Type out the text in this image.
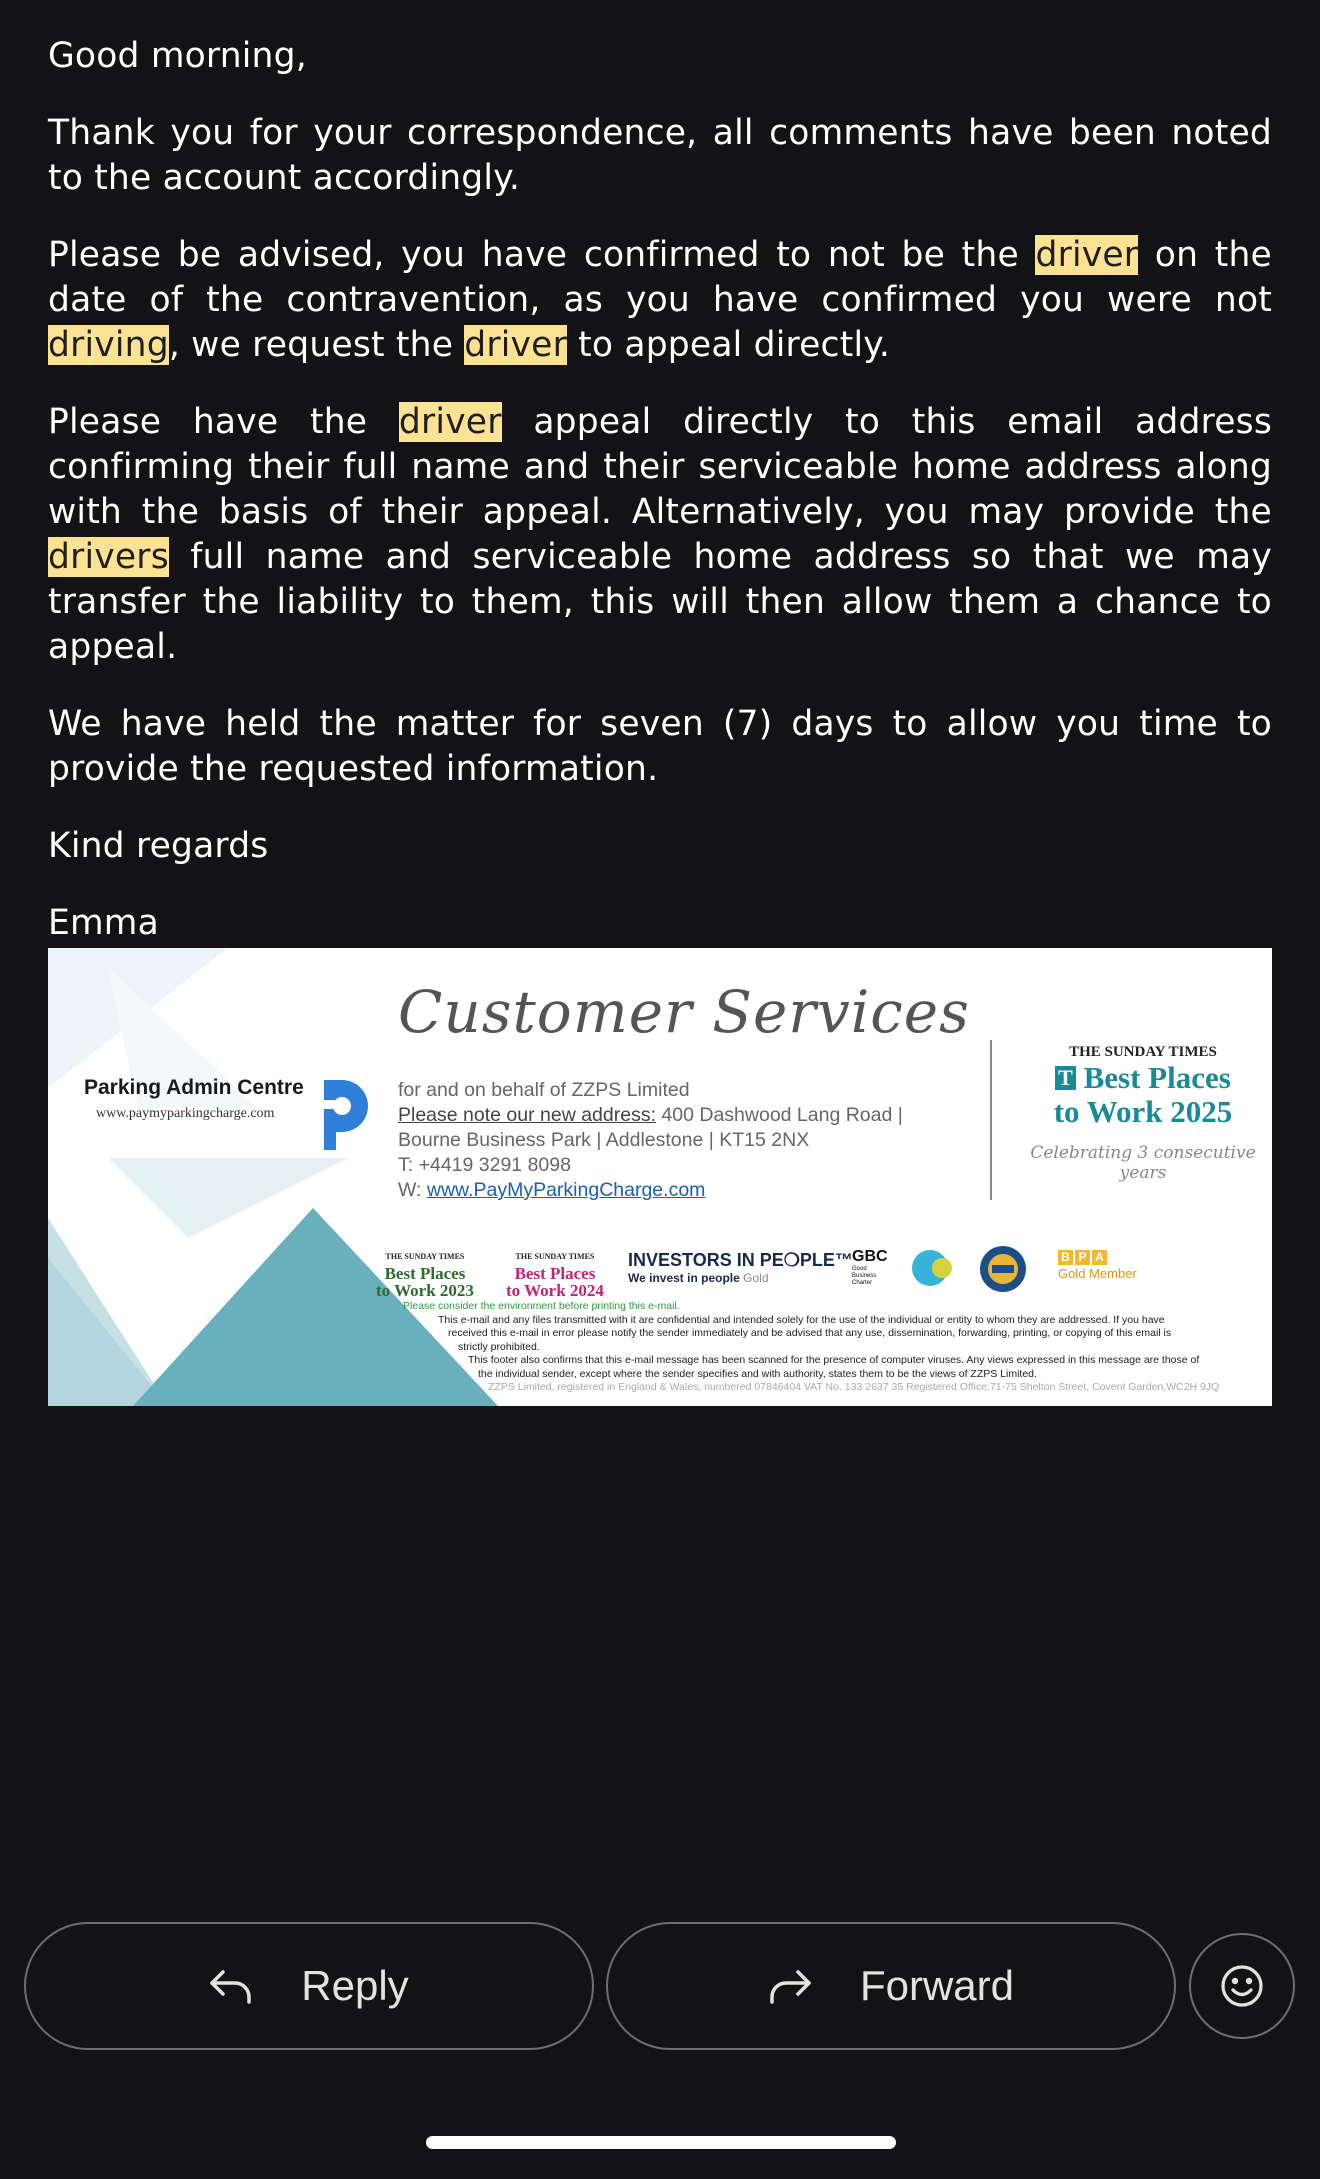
Good morning,

Thank you for your correspondence, all comments have been noted to the account accordingly.

Please be advised, you have confirmed to not be the driver on the date of the contravention, as you have confirmed you were not driving, we request the driver to appeal directly.

Please have the driver appeal directly to this email address confirming their full name and their serviceable home address along with the basis of their appeal. Alternatively, you may provide the drivers full name and serviceable home address so that we may transfer the liability to them, this will then allow them a chance to appeal.

We have held the matter for seven (7) days to allow you time to provide the requested information.

Kind regards

Emma

Parking Admin Centre
www.paymyparkingcharge.com
Customer Services
for and on behalf of ZZPS Limited
Please note our new address: 400 Dashwood Lang Road |
Bourne Business Park | Addlestone | KT15 2NX
T: +4419 3291 8098
W: www.PayMyParkingCharge.com
THE SUNDAY TIMES
T Best Places
to Work 2025
Celebrating 3 consecutive years
THE SUNDAY TIMES
Best Places
to Work 2023
THE SUNDAY TIMES
Best Places
to Work 2024
INVESTORS IN PE❍PLE™
We invest in people Gold
GBC
Good Business Charter
B P A
Gold Member
Please consider the environment before printing this e-mail.
This e-mail and any files transmitted with it are confidential and intended solely for the use of the individual or entity to whom they are addressed. If you have
received this e-mail in error please notify the sender immediately and be advised that any use, dissemination, forwarding, printing, or copying of this email is
strictly prohibited.
This footer also confirms that this e-mail message has been scanned for the presence of computer viruses. Any views expressed in this message are those of
the individual sender, except where the sender specifies and with authority, states them to be the views of ZZPS Limited.
ZZPS Limited, registered in England & Wales, numbered 07846404 VAT No. 133 2637 35 Registered Office:71-75 Shelton Street, Covent Garden,WC2H 9JQ
Reply	Forward
